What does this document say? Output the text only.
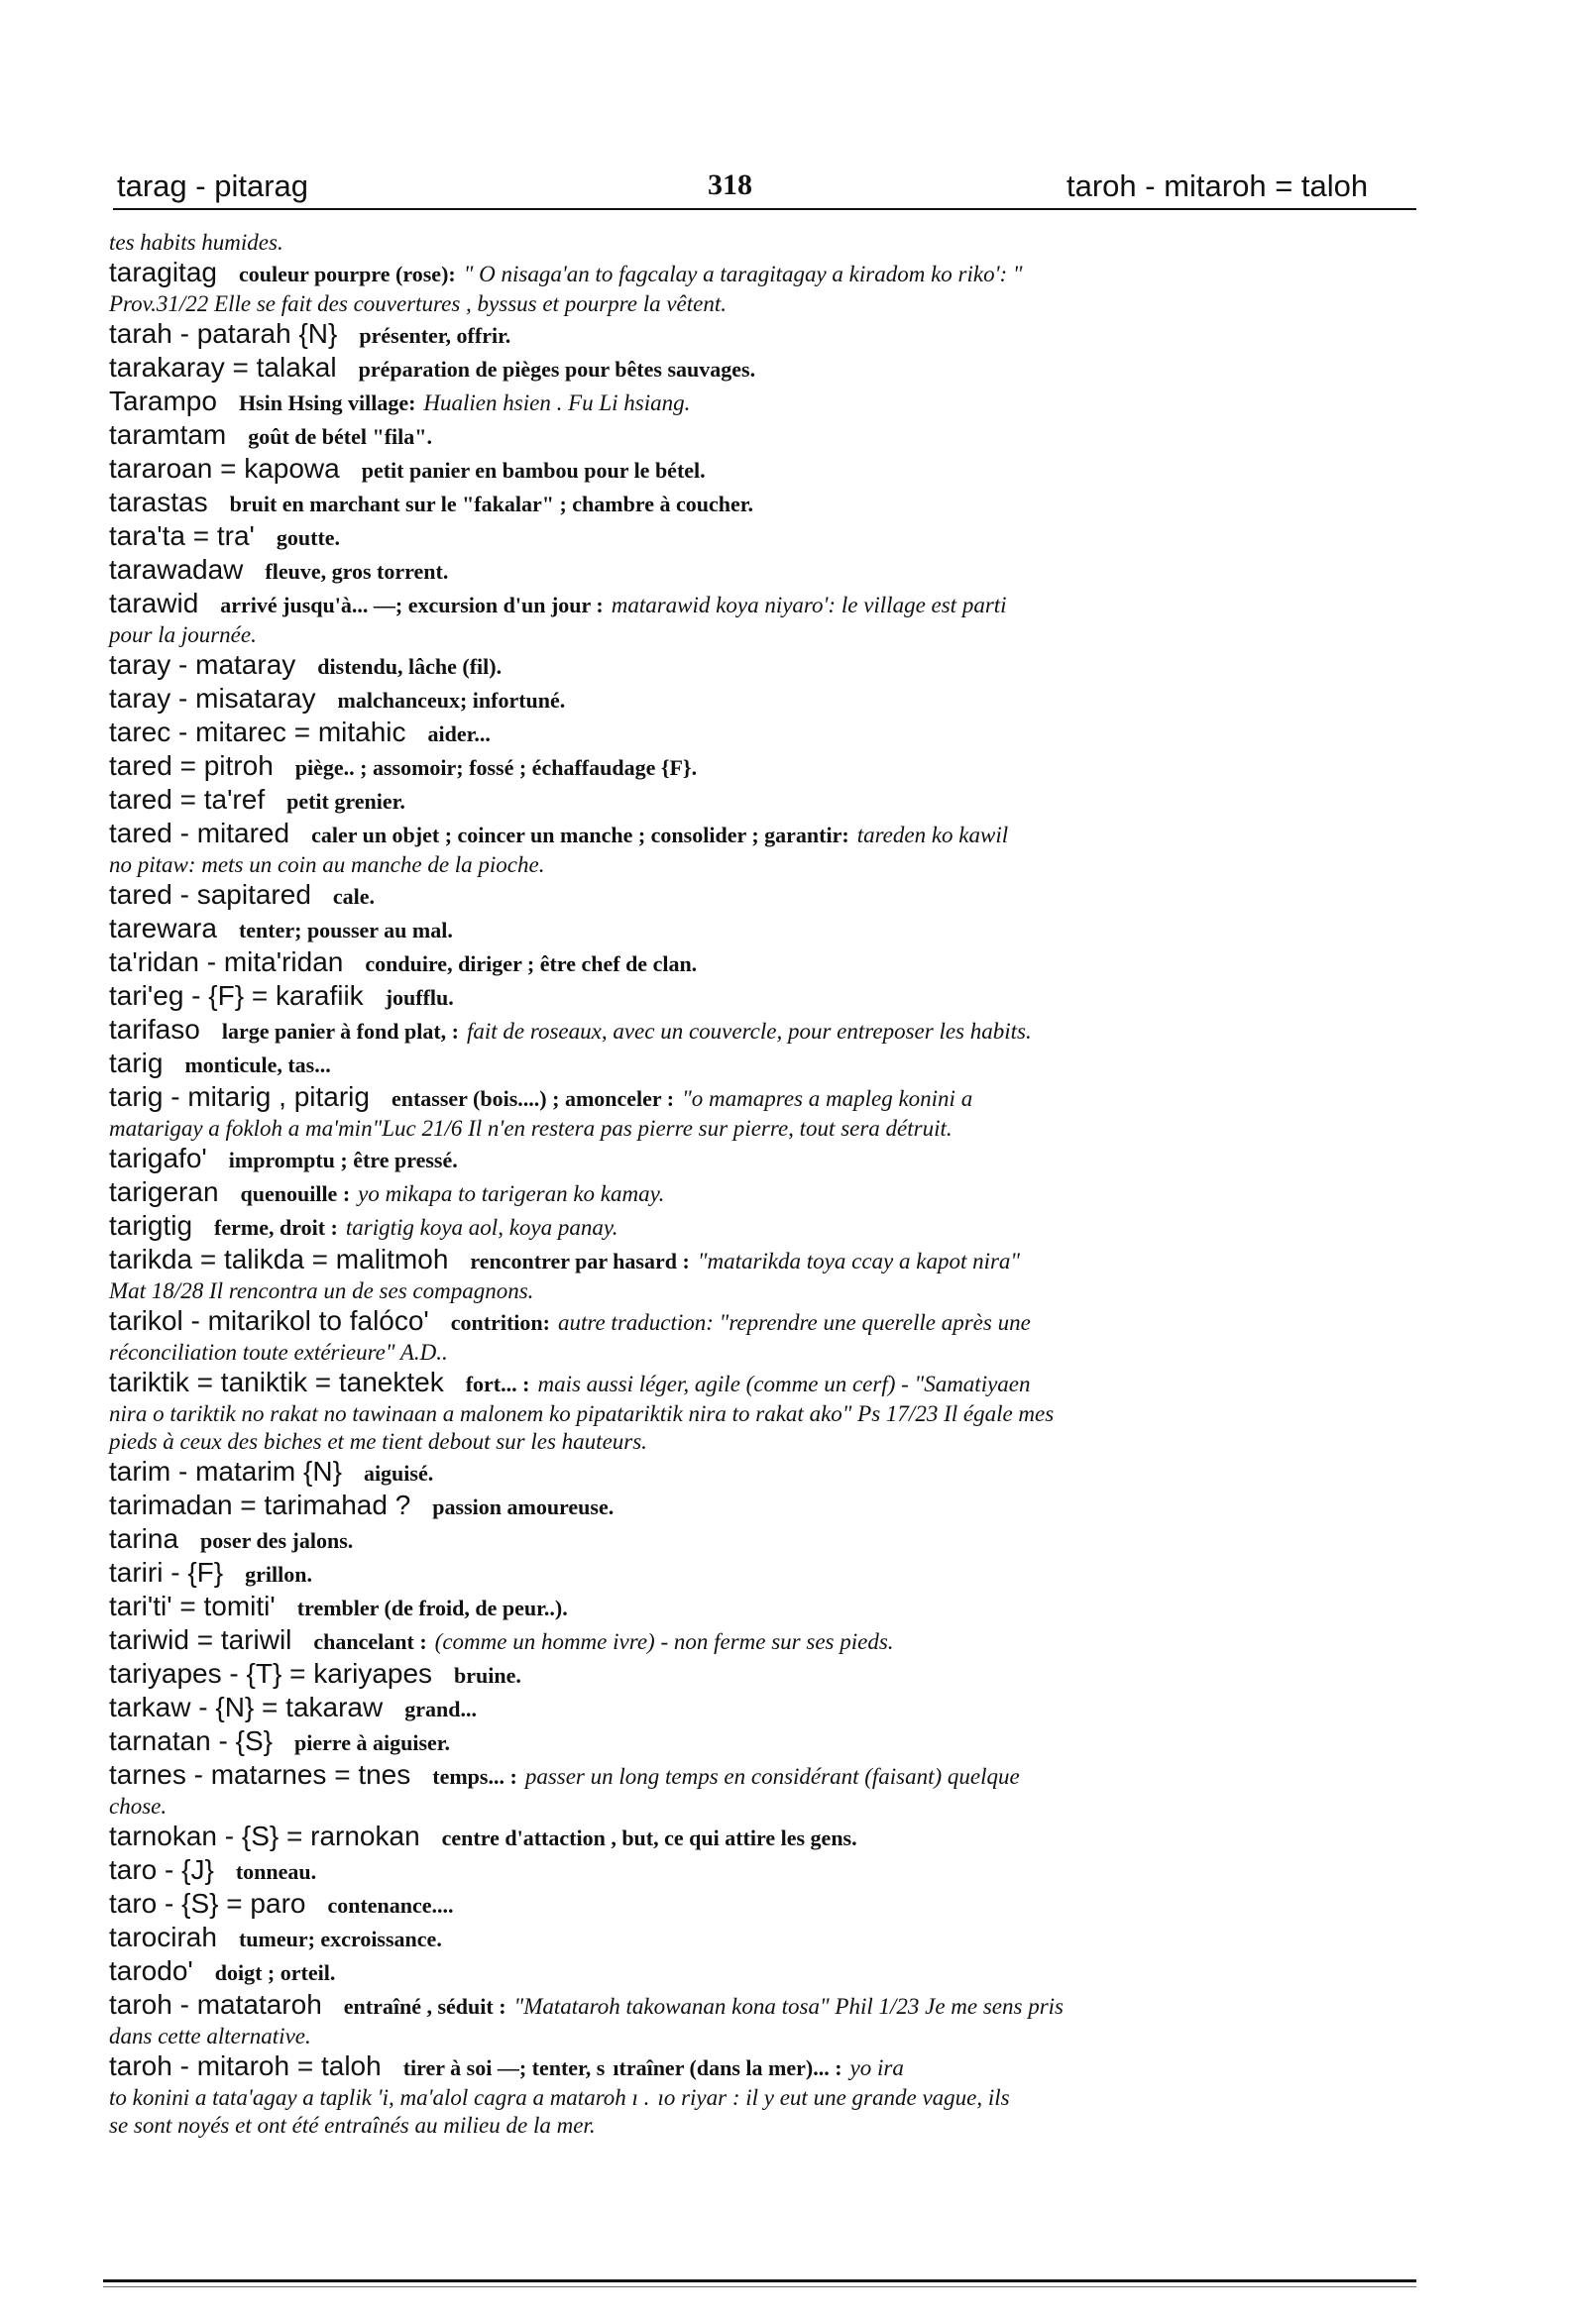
tarag - pitarag	318	taroh - mitaroh = taloh
tes habits humides.
taragitag couleur pourpre (rose): " O nisaga'an to fagcalay a taragitagay a kiradom ko riko': "
Prov.31/22 Elle se fait des couvertures , byssus et pourpre la vêtent.
tarah - patarah {N} présenter, offrir.
tarakaray = talakal préparation de pièges pour bêtes sauvages.
Tarampo Hsin Hsing village: Hualien hsien . Fu Li hsiang.
taramtam goût de bétel "fila".
tararoan = kapowa petit panier en bambou pour le bétel.
tarastas bruit en marchant sur le "fakalar" ; chambre à coucher.
tara'ta = tra' goutte.
tarawadaw fleuve, gros torrent.
tarawid arrivé jusqu'à... —; excursion d'un jour : matarawid koya niyaro': le village est parti
pour la journée.
taray - mataray distendu, lâche (fil).
taray - misataray malchanceux; infortuné.
tarec - mitarec = mitahic aider...
tared = pitroh piège.. ; assomoir; fossé ; échaffaudage {F}.
tared = ta'ref petit grenier.
tared - mitared caler un objet ; coincer un manche ; consolider ; garantir: tareden ko kawil
no pitaw: mets un coin au manche de la pioche.
tared - sapitared cale.
tarewara tenter; pousser au mal.
ta'ridan - mita'ridan conduire, diriger ; être chef de clan.
tari'eg - {F} = karafiik joufflu.
tarifaso large panier à fond plat, : fait de roseaux, avec un couvercle, pour entreposer les habits.
tarig monticule, tas...
tarig - mitarig , pitarig entasser (bois....) ; amonceler : "o mamapres a mapleg konini a
matarigay a fokloh a ma'min"Luc 21/6 Il n'en restera pas pierre sur pierre, tout sera détruit.
tarigafo' impromptu ; être pressé.
tarigeran quenouille : yo mikapa to tarigeran ko kamay.
tarigtig ferme, droit : tarigtig koya aol, koya panay.
tarikda = talikda = malitmoh rencontrer par hasard : "matarikda toya ccay a kapot nira"
Mat 18/28 Il rencontra un de ses compagnons.
tarikol - mitarikol to falóco' contrition: autre traduction: "reprendre une querelle après une
réconciliation toute extérieure" A.D..
tariktik = taniktik = tanektek fort... : mais aussi léger, agile (comme un cerf) - "Samatiyaen
nira o tariktik no rakat no tawinaan a malonem ko pipatariktik nira to rakat ako" Ps 17/23 Il égale mes
pieds à ceux des biches et me tient debout sur les hauteurs.
tarim - matarim {N} aiguisé.
tarimadan = tarimahad ? passion amoureuse.
tarina poser des jalons.
tariri - {F} grillon.
tari'ti' = tomiti' trembler (de froid, de peur..).
tariwid = tariwil chancelant : (comme un homme ivre) - non ferme sur ses pieds.
tariyapes - {T} = kariyapes bruine.
tarkaw - {N} = takaraw grand...
tarnatan - {S} pierre à aiguiser.
tarnes - matarnes = tnes temps... : passer un long temps en considérant (faisant) quelque
chose.
tarnokan - {S} = rarnokan centre d'attaction , but, ce qui attire les gens.
taro - {J} tonneau.
taro - {S} = paro contenance....
tarocirah tumeur; excroissance.
tarodo' doigt ; orteil.
taroh - matataroh entraîné , séduit : "Matataroh takowanan kona tosa" Phil 1/23 Je me sens pris
dans cette alternative.
taroh - mitaroh = taloh tirer à soi —; tenter, s ıtraîner (dans la mer)... : yo ira
to konini a tata'agay a taplik 'i, ma'alol cagra a mataroh ı . ıo riyar : il y eut une grande vague, ils
se sont noyés et ont été entraînés au milieu de la mer.
